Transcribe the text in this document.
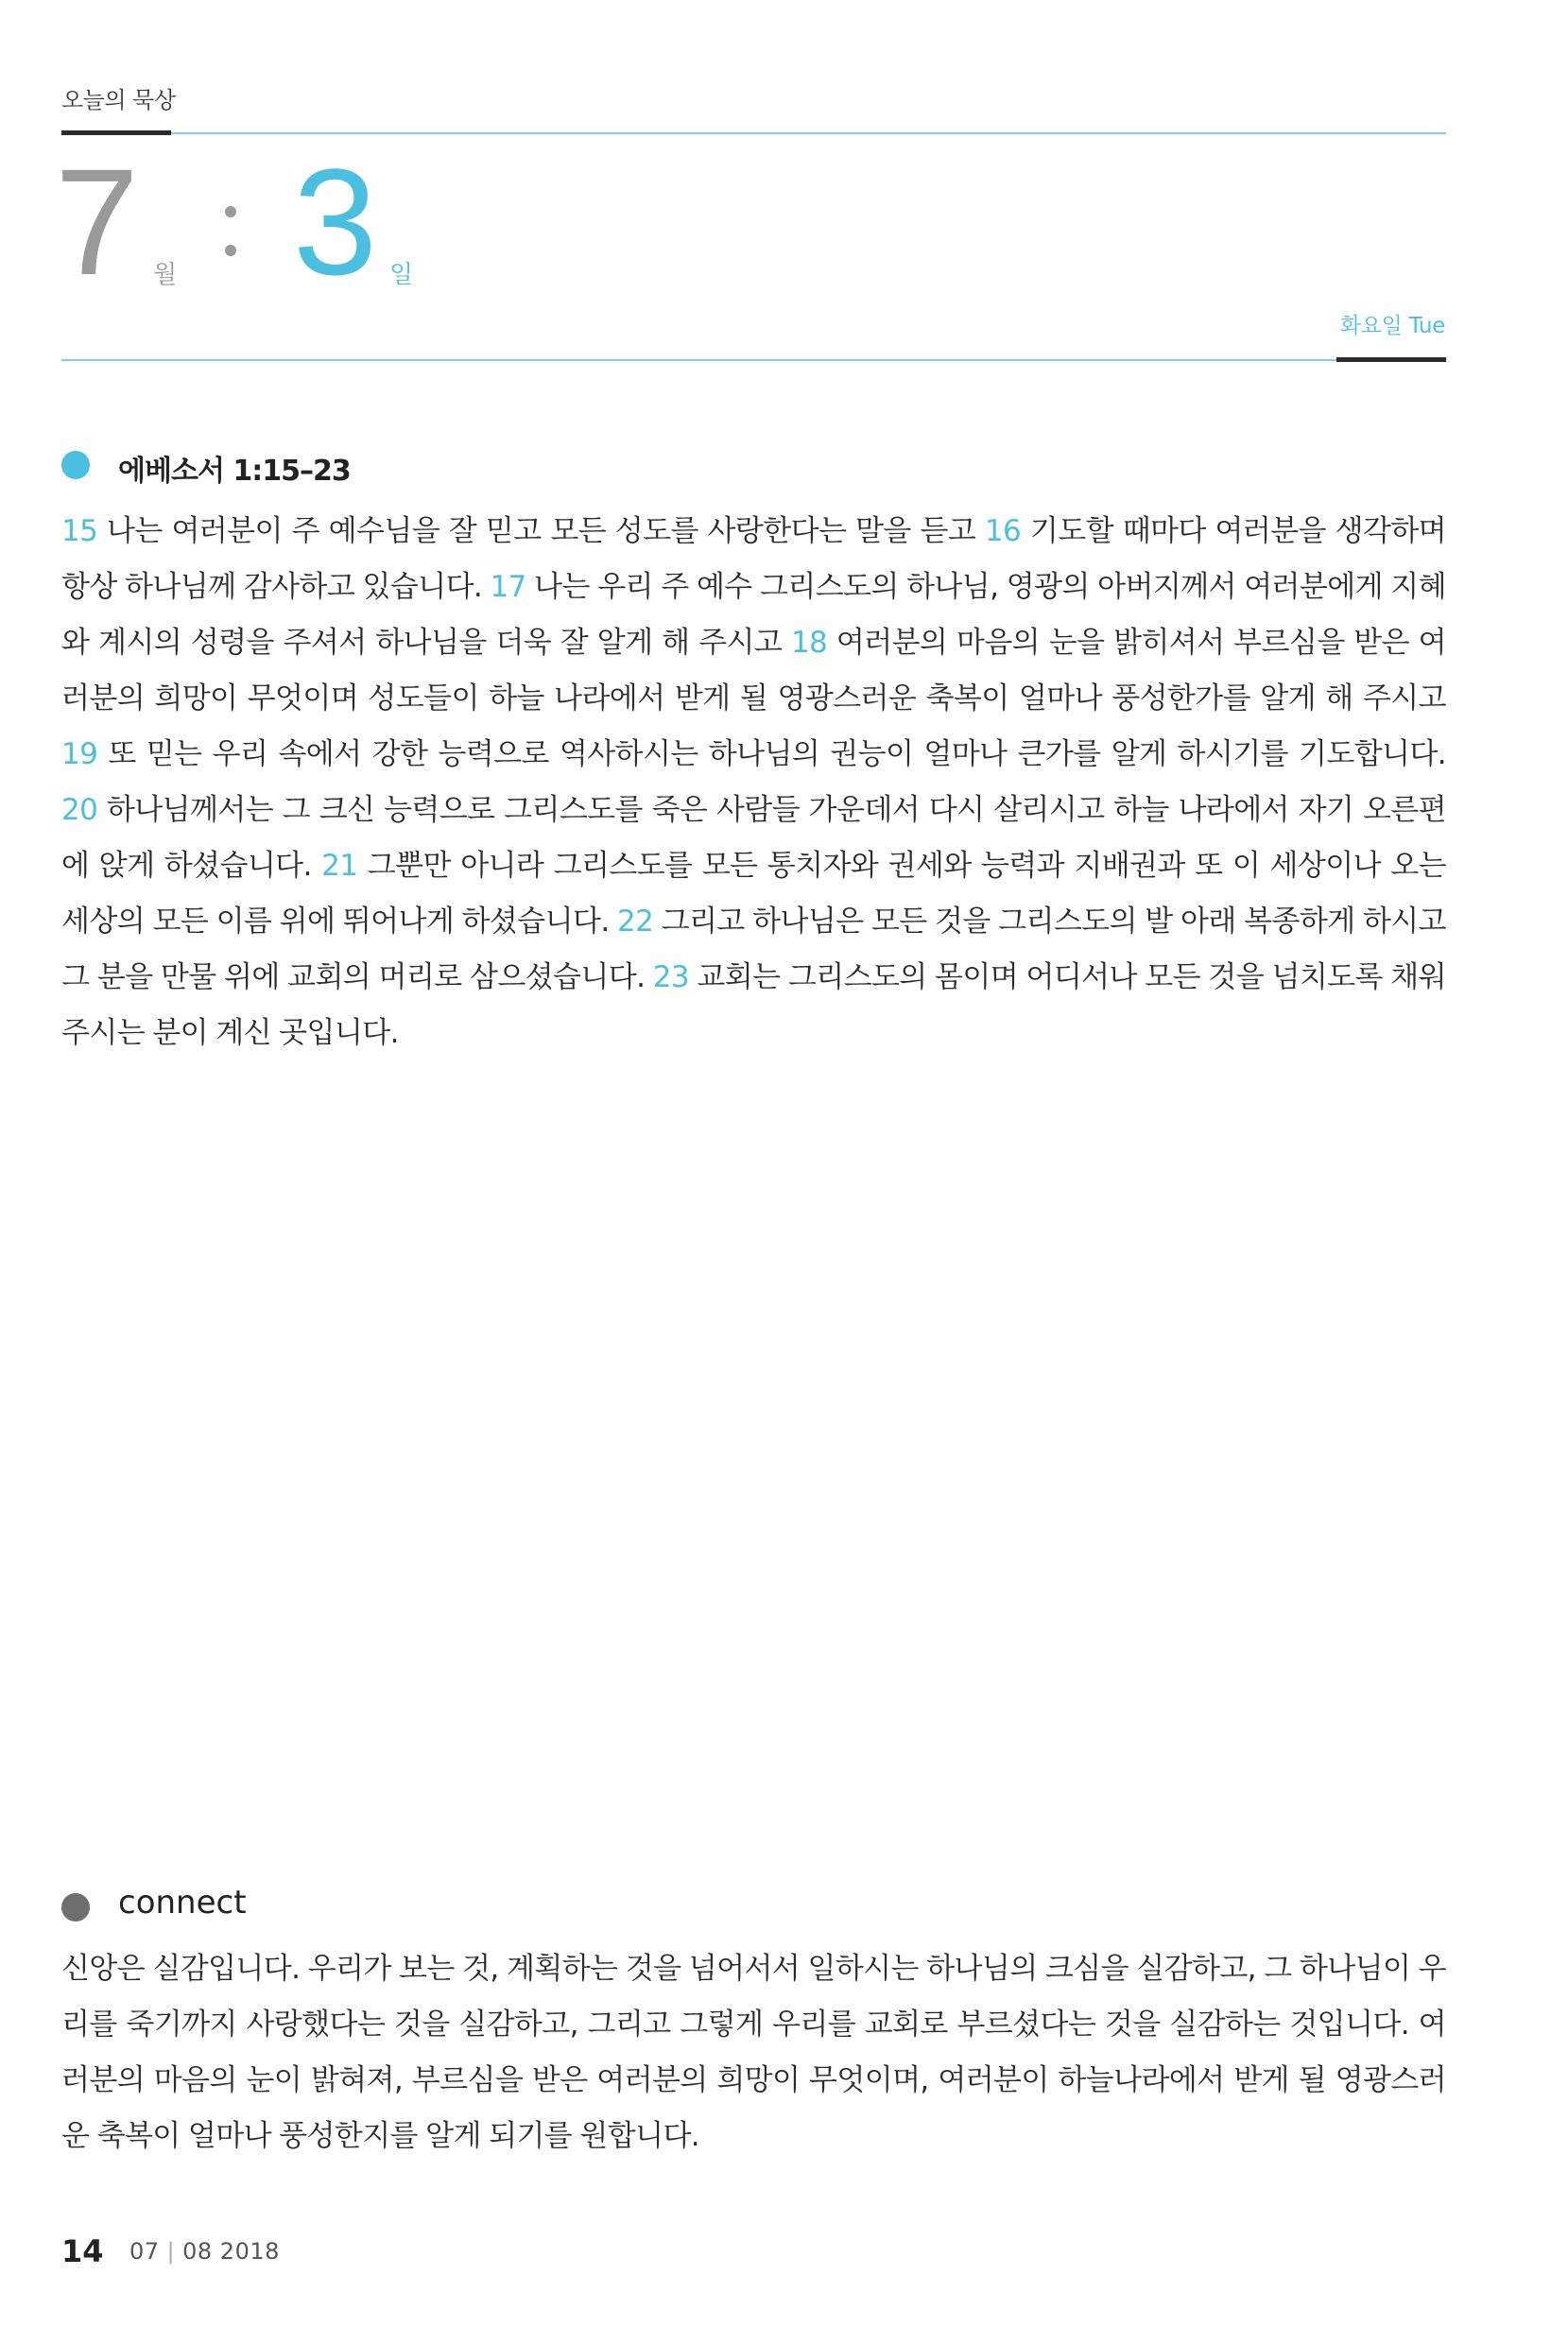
오늘의 묵상
7 월 3 일
화요일 Tue
에베소서 1:15–23
15 나는 여러분이 주 예수님을 잘 믿고 모든 성도를 사랑한다는 말을 듣고 16 기도할 때마다 여러분을 생각하며 항상 하나님께 감사하고 있습니다. 17 나는 우리 주 예수 그리스도의 하나님, 영광의 아버지께서 여러분에게 지혜와 계시의 성령을 주셔서 하나님을 더욱 잘 알게 해 주시고 18 여러분의 마음의 눈을 밝히셔서 부르심을 받은 여러분의 희망이 무엇이며 성도들이 하늘 나라에서 받게 될 영광스러운 축복이 얼마나 풍성한가를 알게 해 주시고 19 또 믿는 우리 속에서 강한 능력으로 역사하시는 하나님의 권능이 얼마나 큰가를 알게 하시기를 기도합니다. 20 하나님께서는 그 크신 능력으로 그리스도를 죽은 사람들 가운데서 다시 살리시고 하늘 나라에서 자기 오른편에 앉게 하셨습니다. 21 그뿐만 아니라 그리스도를 모든 통치자와 권세와 능력과 지배권과 또 이 세상이나 오는 세상의 모든 이름 위에 뛰어나게 하셨습니다. 22 그리고 하나님은 모든 것을 그리스도의 발 아래 복종하게 하시고 그 분을 만물 위에 교회의 머리로 삼으셨습니다. 23 교회는 그리스도의 몸이며 어디서나 모든 것을 넘치도록 채워 주시는 분이 계신 곳입니다.
connect
신앙은 실감입니다. 우리가 보는 것, 계획하는 것을 넘어서서 일하시는 하나님의 크심을 실감하고, 그 하나님이 우리를 죽기까지 사랑했다는 것을 실감하고, 그리고 그렇게 우리를 교회로 부르셨다는 것을 실감하는 것입니다. 여러분의 마음의 눈이 밝혀져, 부르심을 받은 여러분의 희망이 무엇이며, 여러분이 하늘나라에서 받게 될 영광스러운 축복이 얼마나 풍성한지를 알게 되기를 원합니다.
14 07 | 08 2018
